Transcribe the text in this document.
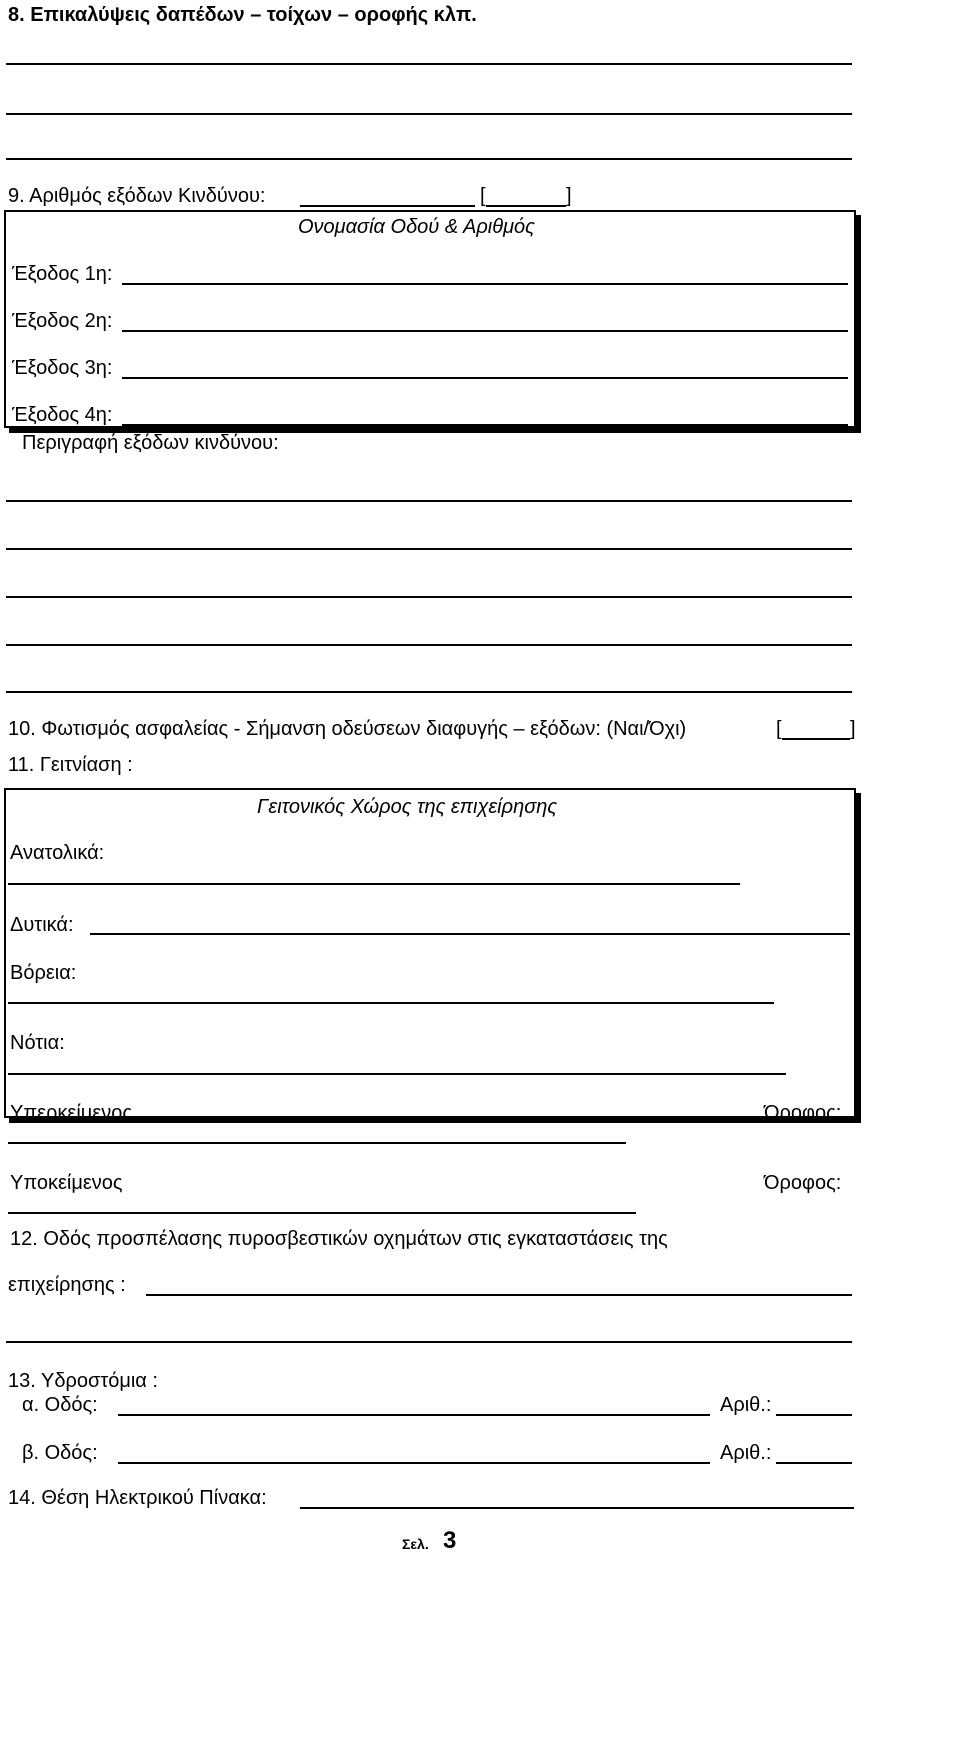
8. Επικαλύψεις δαπέδων – τοίχων – οροφής κλπ.
9. Αριθμός εξόδων Κινδύνου:	[	]
Ονομασία Οδού & Αριθμός
Έξοδος 1η:
Έξοδος 2η:
Έξοδος 3η:
Έξοδος 4η:
Περιγραφή εξόδων κινδύνου:
10. Φωτισμός ασφαλείας - Σήμανση οδεύσεων διαφυγής – εξόδων: (Ναι/Όχι)	[	]
11. Γειτνίαση :
Γειτονικός Χώρος της επιχείρησης
Ανατολικά:
Δυτικά:
Βόρεια:
Νότια:
Υπερκείμενος	Όροφος:
Υποκείμενος	Όροφος:
12. Οδός προσπέλασης πυροσβεστικών οχημάτων στις εγκαταστάσεις της
επιχείρησης :
13. Υδροστόμια :
α. Οδός:	Αριθ.:
β. Οδός:	Αριθ.:
14. Θέση Ηλεκτρικού Πίνακα:
Σελ. 3
